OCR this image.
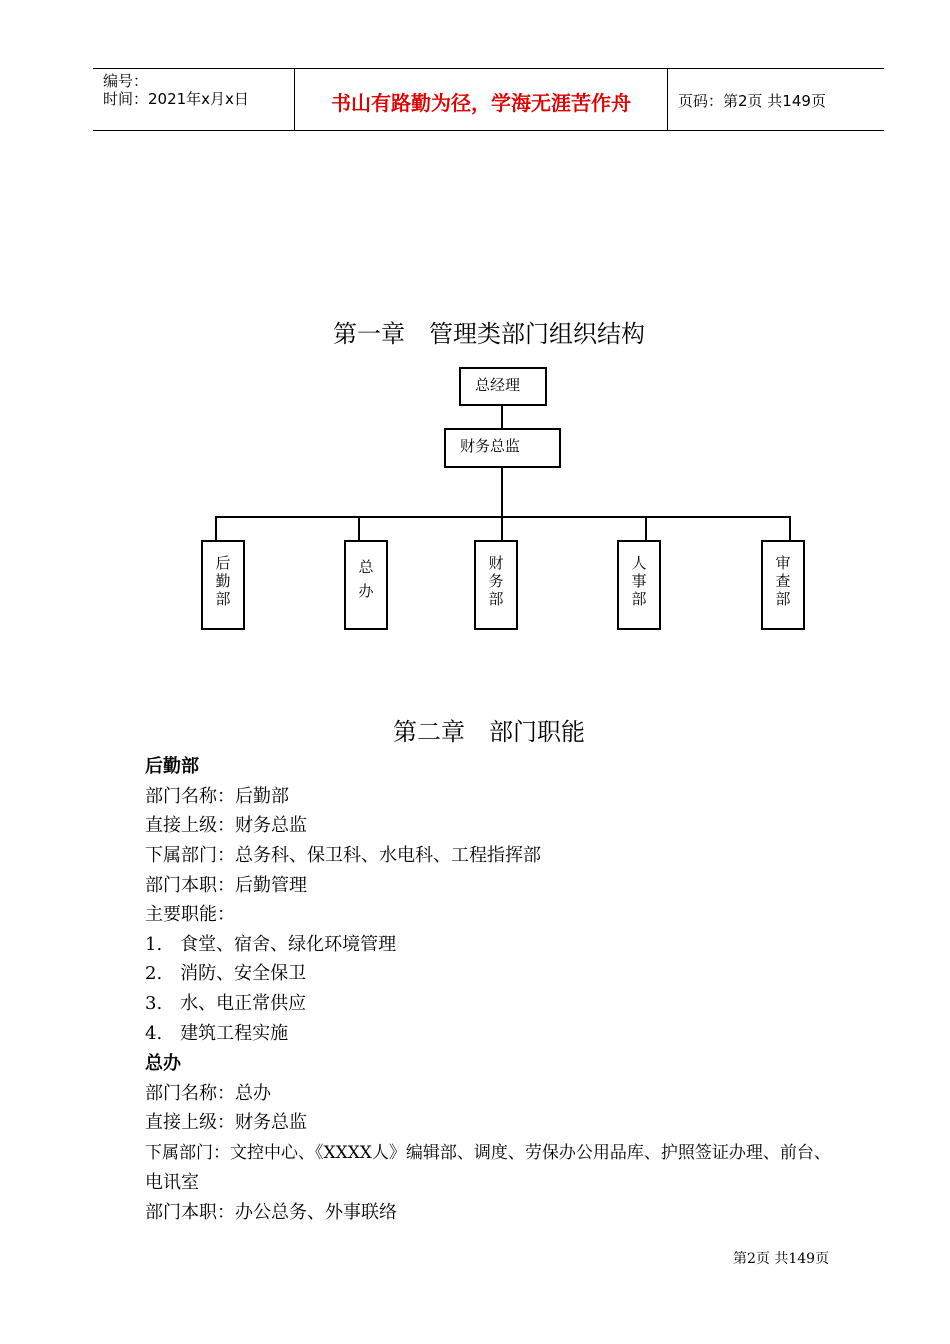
编号：
时间：2021年x月x日	书山有路勤为径，学海无涯苦作舟	页码：第2页 共149页
第一章　管理类部门组织结构
总经理
财务总监
后
勤
部
总
办
财
务
部
人
事
部
审
查
部
第二章　部门职能
后勤部
部门名称：后勤部
直接上级：财务总监
下属部门：总务科、保卫科、水电科、工程指挥部
部门本职：后勤管理
主要职能：
1.　食堂、宿舍、绿化环境管理
2.　消防、安全保卫
3.　水、电正常供应
4.　建筑工程实施
总办
部门名称：总办
直接上级：财务总监
下属部门：文控中心、《XXXX人》编辑部、调度、劳保办公用品库、护照签证办理、前台、
电讯室
部门本职：办公总务、外事联络
第2页 共149页
